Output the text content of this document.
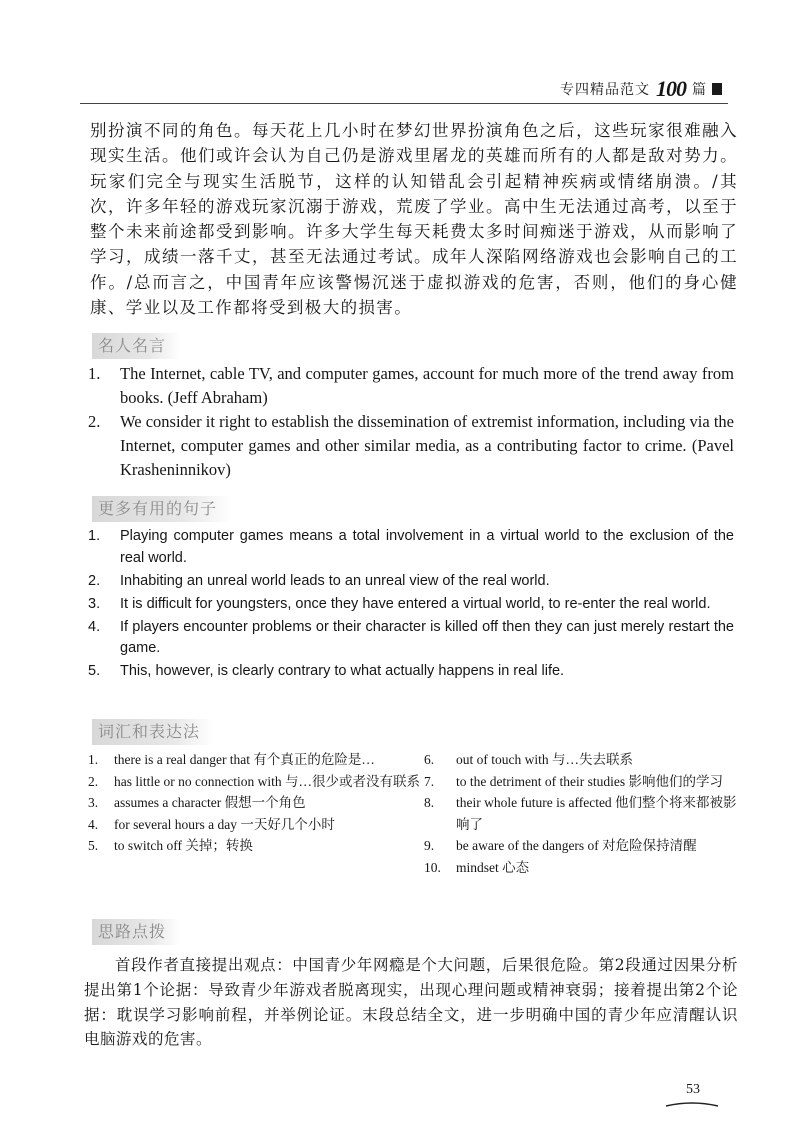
专四精品范文 100 篇
别扮演不同的角色。每天花上几小时在梦幻世界扮演角色之后，这些玩家很难融入现实生活。他们或许会认为自己仍是游戏里屠龙的英雄而所有的人都是敌对势力。玩家们完全与现实生活脱节，这样的认知错乱会引起精神疾病或情绪崩溃。/其次，许多年轻的游戏玩家沉溺于游戏，荒废了学业。高中生无法通过高考，以至于整个未来前途都受到影响。许多大学生每天耗费太多时间痴迷于游戏，从而影响了学习，成绩一落千丈，甚至无法通过考试。成年人深陷网络游戏也会影响自己的工作。/总而言之，中国青年应该警惕沉迷于虚拟游戏的危害，否则，他们的身心健康、学业以及工作都将受到极大的损害。
名人名言
1.	The Internet, cable TV, and computer games, account for much more of the trend away from books. (Jeff Abraham)
2.	We consider it right to establish the dissemination of extremist information, including via the Internet, computer games and other similar media, as a contributing factor to crime. (Pavel Krasheninnikov)
更多有用的句子
1.	Playing computer games means a total involvement in a virtual world to the exclusion of the real world.
2.	Inhabiting an unreal world leads to an unreal view of the real world.
3.	It is difficult for youngsters, once they have entered a virtual world, to re-enter the real world.
4.	If players encounter problems or their character is killed off then they can just merely restart the game.
5.	This, however, is clearly contrary to what actually happens in real life.
词汇和表达法
1.	there is a real danger that 有个真正的危险是…
2.	has little or no connection with 与…很少或者没有联系
3.	assumes a character 假想一个角色
4.	for several hours a day 一天好几个小时
5.	to switch off 关掉；转换
6.	out of touch with 与…失去联系
7.	to the detriment of their studies 影响他们的学习
8.	their whole future is affected 他们整个将来都被影响了
9.	be aware of the dangers of 对危险保持清醒
10.	mindset 心态
思路点拨
首段作者直接提出观点：中国青少年网瘾是个大问题，后果很危险。第2段通过因果分析提出第1个论据：导致青少年游戏者脱离现实，出现心理问题或精神衰弱；接着提出第2个论据：耽误学习影响前程，并举例论证。末段总结全文，进一步明确中国的青少年应清醒认识电脑游戏的危害。
53
